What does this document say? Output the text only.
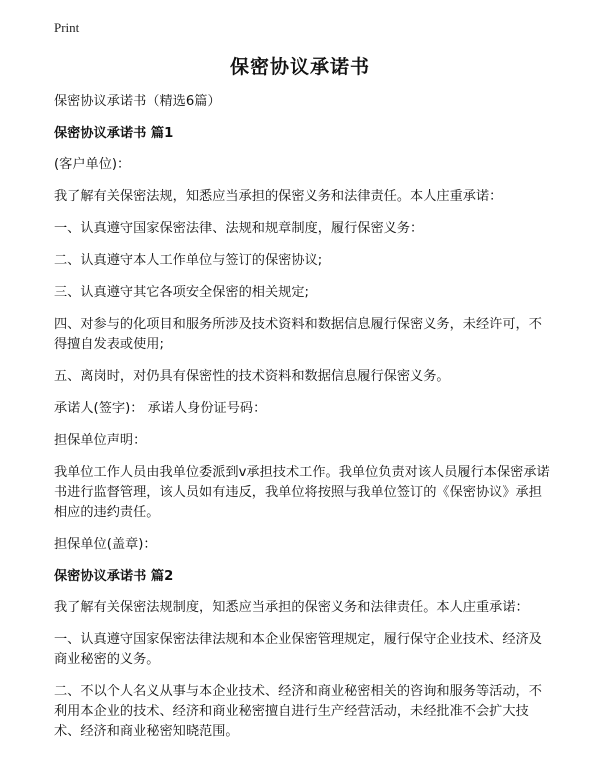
Print
保密协议承诺书

保密协议承诺书（精选6篇）

保密协议承诺书 篇1

(客户单位)：

我了解有关保密法规，知悉应当承担的保密义务和法律责任。本人庄重承诺：

一、认真遵守国家保密法律、法规和规章制度，履行保密义务：

二、认真遵守本人工作单位与签订的保密协议;

三、认真遵守其它各项安全保密的相关规定;

四、对参与的化项目和服务所涉及技术资料和数据信息履行保密义务，未经许可，不得擅自发表或使用;

五、离岗时，对仍具有保密性的技术资料和数据信息履行保密义务。

承诺人(签字)： 承诺人身份证号码：

担保单位声明：

我单位工作人员由我单位委派到v承担技术工作。我单位负责对该人员履行本保密承诺书进行监督管理，该人员如有违反，我单位将按照与我单位签订的《保密协议》承担相应的违约责任。

担保单位(盖章)：

保密协议承诺书 篇2

我了解有关保密法规制度，知悉应当承担的保密义务和法律责任。本人庄重承诺：

一、认真遵守国家保密法律法规和本企业保密管理规定，履行保守企业技术、经济及商业秘密的义务。

二、不以个人名义从事与本企业技术、经济和商业秘密相关的咨询和服务等活动，不利用本企业的技术、经济和商业秘密擅自进行生产经营活动，未经批准不会扩大技术、经济和商业秘密知晓范围。
